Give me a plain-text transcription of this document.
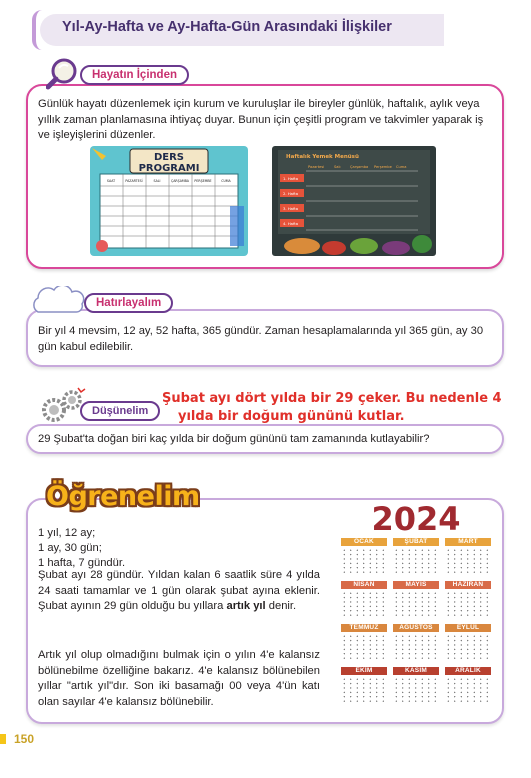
Yıl-Ay-Hafta ve Ay-Hafta-Gün Arasındaki İlişkiler
Hayatın İçinden
Günlük hayatı düzenlemek için kurum ve kuruluşlar ile bireyler günlük, haftalık, aylık veya yıllık zaman planlamasına ihtiyaç duyar. Bunun için çeşitli program ve takvimler yaparak iş ve işleyişlerini düzenler.
DERS
PROGRAMI
SAAT	PAZARTESİ	SALI	ÇARŞAMBA PERŞEMBE	CUMA
Haftalık Yemek Menüsü
Pazartesi	Salı	Çarşamba Perşembe Cuma
1. Hafta
2. Hafta
3. Hafta
4. Hafta
Hatırlayalım
Bir yıl 4 mevsim, 12 ay, 52 hafta, 365 gündür. Zaman hesaplamalarında yıl 365 gün, ay 30 gün kabul edilebilir.
Şubat ayı dört yılda bir 29 çeker. Bu nedenle 4
yılda bir doğum gününü kutlar.
Düşünelim
29 Şubat'ta doğan biri kaç yılda bir doğum gününü tam zamanında kutlayabilir?
Öğrenelim
1 yıl, 12 ay;
1 ay, 30 gün;
1 hafta, 7 gündür.
Şubat ayı 28 gündür. Yıldan kalan 6 saatlik süre 4 yılda 24 saati tamamlar ve 1 gün olarak şubat ayına eklenir. Şubat ayının 29 gün olduğu bu yıllara artık yıl denir.
Artık yıl olup olmadığını bulmak için o yılın 4'e kalansız bölünebilme özelliğine bakarız. 4'e kalansız bölünebilen yıllar "artık yıl"dır. Son iki basamağı 00 veya 4'ün katı olan sayılar 4'e kalansız bölünebilir.
2024
OCAK	ŞUBAT	MART
NİSAN	MAYIS	HAZİRAN
TEMMUZ	AĞUSTOS	EYLÜL
EKİM	KASIM	ARALIK
150
